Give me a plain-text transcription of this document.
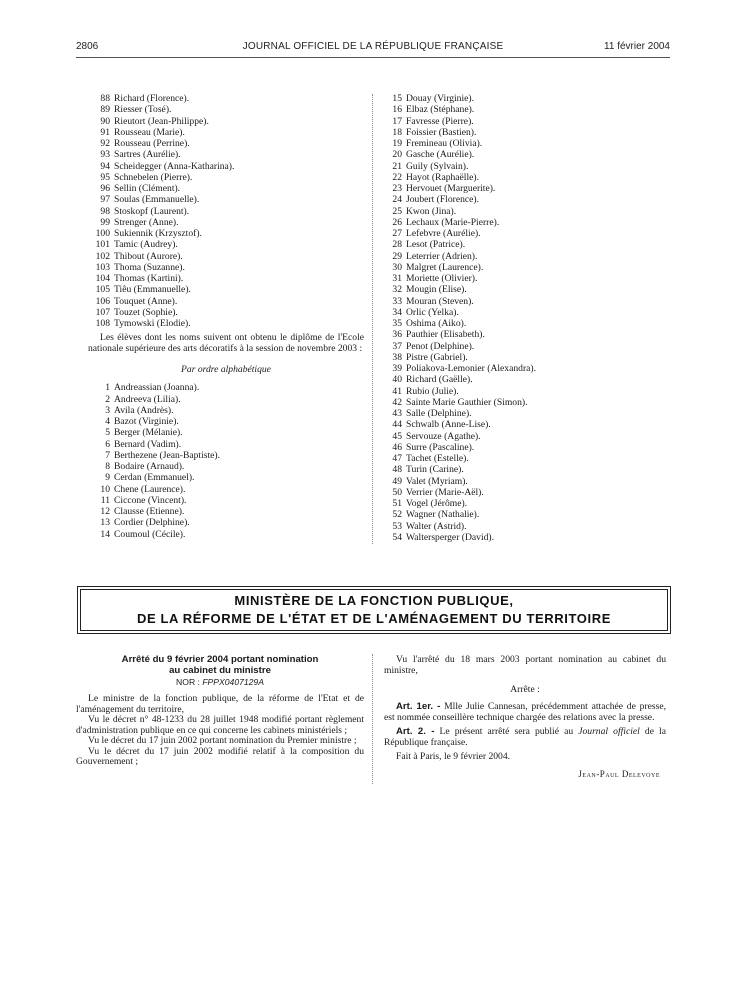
2806	JOURNAL OFFICIEL DE LA RÉPUBLIQUE FRANÇAISE	11 février 2004
88 Richard (Florence).
89 Riesser (Tosé).
90 Rieutort (Jean-Philippe).
91 Rousseau (Marie).
92 Rousseau (Perrine).
93 Sartres (Aurélie).
94 Scheidegger (Anna-Katharina).
95 Schnebelen (Pierre).
96 Sellin (Clément).
97 Soulas (Emmanuelle).
98 Stoskopf (Laurent).
99 Strenger (Anne).
100 Sukiennik (Krzysztof).
101 Tamic (Audrey).
102 Thibout (Aurore).
103 Thoma (Suzanne).
104 Thomas (Kartini).
105 Tiêu (Emmanuelle).
106 Touquet (Anne).
107 Touzet (Sophie).
108 Tymowski (Elodie).

Les élèves dont les noms suivent ont obtenu le diplôme de l'Ecole nationale supérieure des arts décoratifs à la session de novembre 2003 :

Par ordre alphabétique

1 Andreassian (Joanna).
2 Andreeva (Lilia).
3 Avila (Andrès).
4 Bazot (Virginie).
5 Berger (Mélanie).
6 Bernard (Vadim).
7 Berthezene (Jean-Baptiste).
8 Bodaire (Arnaud).
9 Cerdan (Emmanuel).
10 Chene (Laurence).
11 Ciccone (Vincent).
12 Clausse (Etienne).
13 Cordier (Delphine).
14 Coumoul (Cécile).
15 Douay (Virginie).
16 Elbaz (Stéphane).
17 Favresse (Pierre).
18 Foissier (Bastien).
19 Fremineau (Olivia).
20 Gasche (Aurélie).
21 Guily (Sylvain).
22 Hayot (Raphaëlle).
23 Hervouet (Marguerite).
24 Joubert (Florence).
25 Kwon (Jina).
26 Lechaux (Marie-Pierre).
27 Lefebvre (Aurélie).
28 Lesot (Patrice).
29 Leterrier (Adrien).
30 Malgret (Laurence).
31 Moriette (Olivier).
32 Mougin (Elise).
33 Mouran (Steven).
34 Orlic (Yelka).
35 Oshima (Aiko).
36 Pauthier (Elisabeth).
37 Penot (Delphine).
38 Pistre (Gabriel).
39 Poliakova-Lemonier (Alexandra).
40 Richard (Gaëlle).
41 Rubio (Julie).
42 Sainte Marie Gauthier (Simon).
43 Salle (Delphine).
44 Schwalb (Anne-Lise).
45 Servouze (Agathe).
46 Surre (Pascaline).
47 Tachet (Estelle).
48 Turin (Carine).
49 Valet (Myriam).
50 Verrier (Marie-Aël).
51 Vogel (Jérôme).
52 Wagner (Nathalie).
53 Walter (Astrid).
54 Waltersperger (David).
MINISTÈRE DE LA FONCTION PUBLIQUE,
DE LA RÉFORME DE L'ÉTAT ET DE L'AMÉNAGEMENT DU TERRITOIRE

Arrêté du 9 février 2004 portant nomination

au cabinet du ministre

NOR : FPPX0407129A

Le ministre de la fonction publique, de la réforme de l'Etat et de l'aménagement du territoire,

Vu le décret n° 48-1233 du 28 juillet 1948 modifié portant règlement d'administration publique en ce qui concerne les cabinets ministériels ;

Vu le décret du 17 juin 2002 portant nomination du Premier ministre ;

Vu le décret du 17 juin 2002 modifié relatif à la composition du Gouvernement ;

Vu l'arrêté du 18 mars 2003 portant nomination au cabinet du ministre,

Arrête :

Art. 1er. - Mlle Julie Cannesan, précédemment attachée de presse, est nommée conseillère technique chargée des relations avec la presse.

Art. 2. - Le présent arrêté sera publié au Journal officiel de la République française.

Fait à Paris, le 9 février 2004.

Jean-Paul Delevoye
